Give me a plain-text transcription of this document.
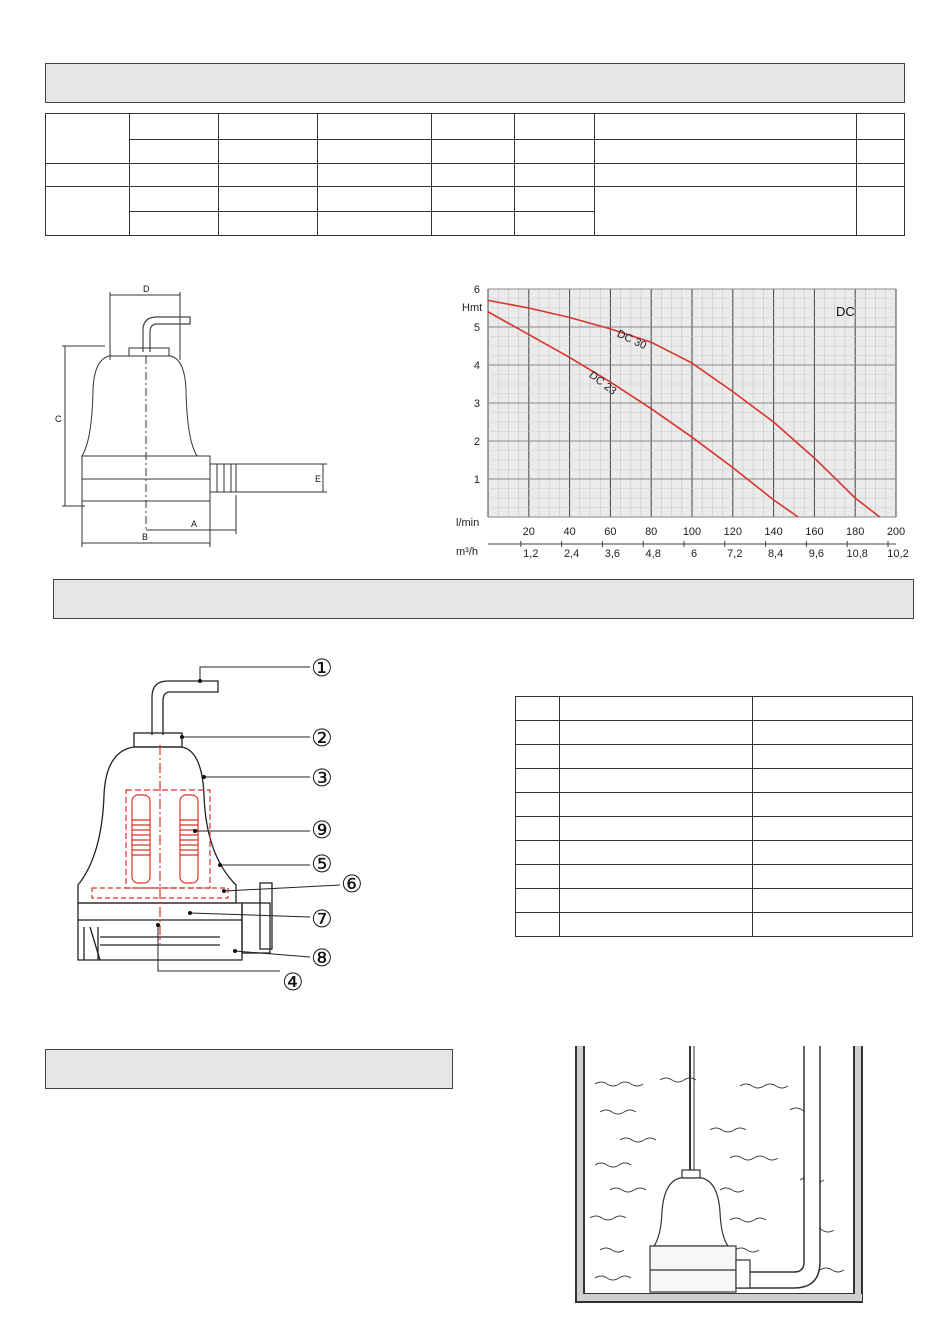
D
C
E
A
B
DC 30
DC 23
6
5
4
3
2
1
20	40	60	80 100 120 140 160 180 200
1,2 2,4 3,6 4,8	6	7,2 8,4 9,6 10,8 10,2
Hmt	DC
l/min
m³/h
①
②
③
④
⑤
⑥
⑦
⑧
⑨
